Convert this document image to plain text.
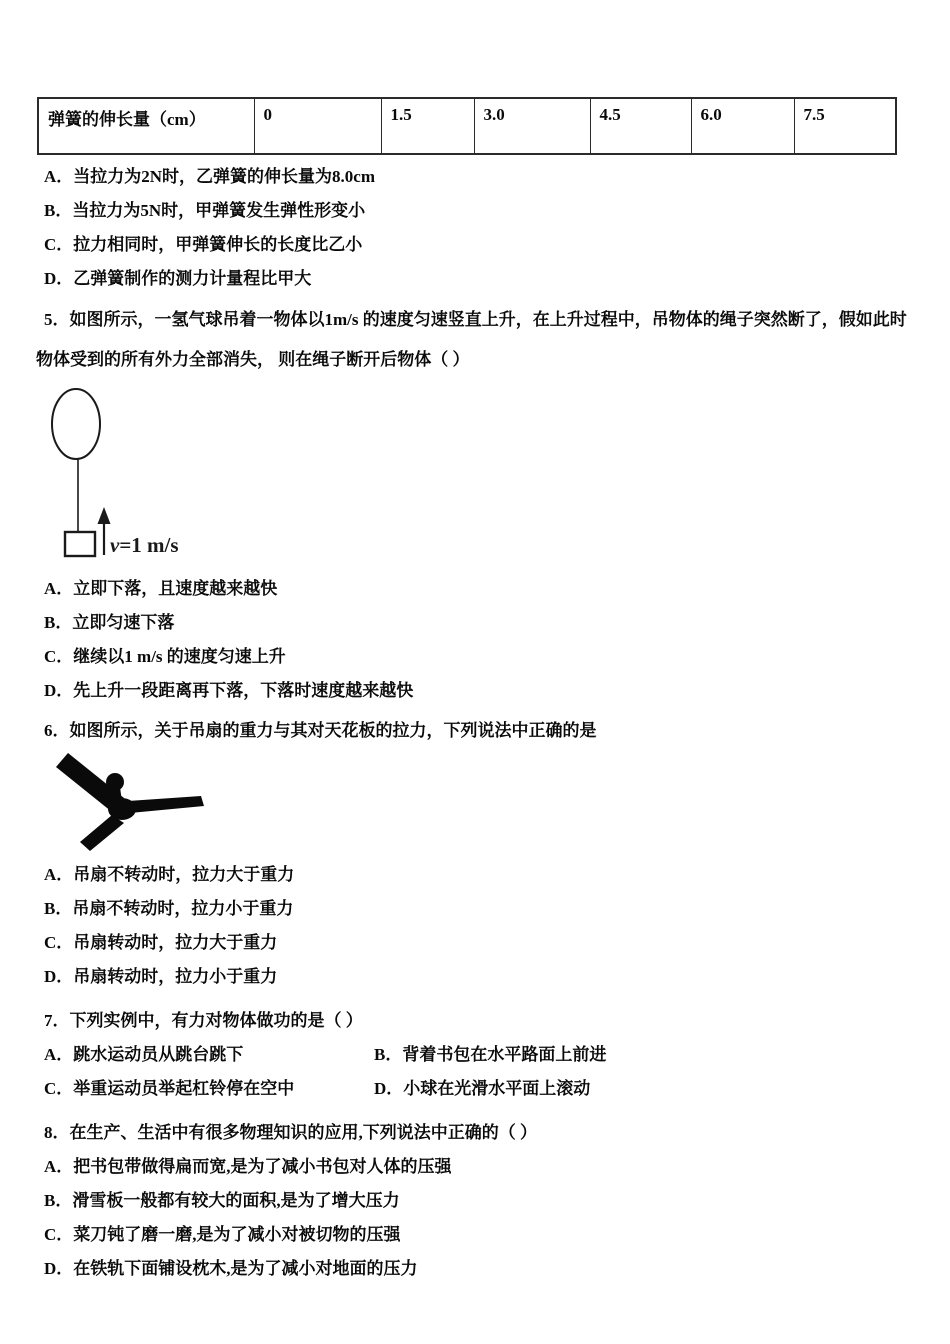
弹簧的伸长量（cm）	0	1.5	3.0	4.5	6.0	7.5
A．当拉力为2N时，乙弹簧的伸长量为8.0cm
B．当拉力为5N时，甲弹簧发生弹性形变小
C．拉力相同时，甲弹簧伸长的长度比乙小
D．乙弹簧制作的测力计量程比甲大
5．如图所示，一氢气球吊着一物体以1m/s 的速度匀速竖直上升，在上升过程中，吊物体的绳子突然断了，假如此时
物体受到的所有外力全部消失， 则在绳子断开后物体（ ）
v=1 m/s
A．立即下落，且速度越来越快
B．立即匀速下落
C．继续以1 m/s 的速度匀速上升
D．先上升一段距离再下落，下落时速度越来越快
6．如图所示，关于吊扇的重力与其对天花板的拉力，下列说法中正确的是
A．吊扇不转动时，拉力大于重力
B．吊扇不转动时，拉力小于重力
C．吊扇转动时，拉力大于重力
D．吊扇转动时，拉力小于重力
7．下列实例中，有力对物体做功的是（ ）
A．跳水运动员从跳台跳下	B．背着书包在水平路面上前进
C．举重运动员举起杠铃停在空中	D．小球在光滑水平面上滚动
8．在生产、生活中有很多物理知识的应用,下列说法中正确的（ ）
A．把书包带做得扁而宽,是为了减小书包对人体的压强
B．滑雪板一般都有较大的面积,是为了增大压力
C．菜刀钝了磨一磨,是为了减小对被切物的压强
D．在铁轨下面铺设枕木,是为了减小对地面的压力
